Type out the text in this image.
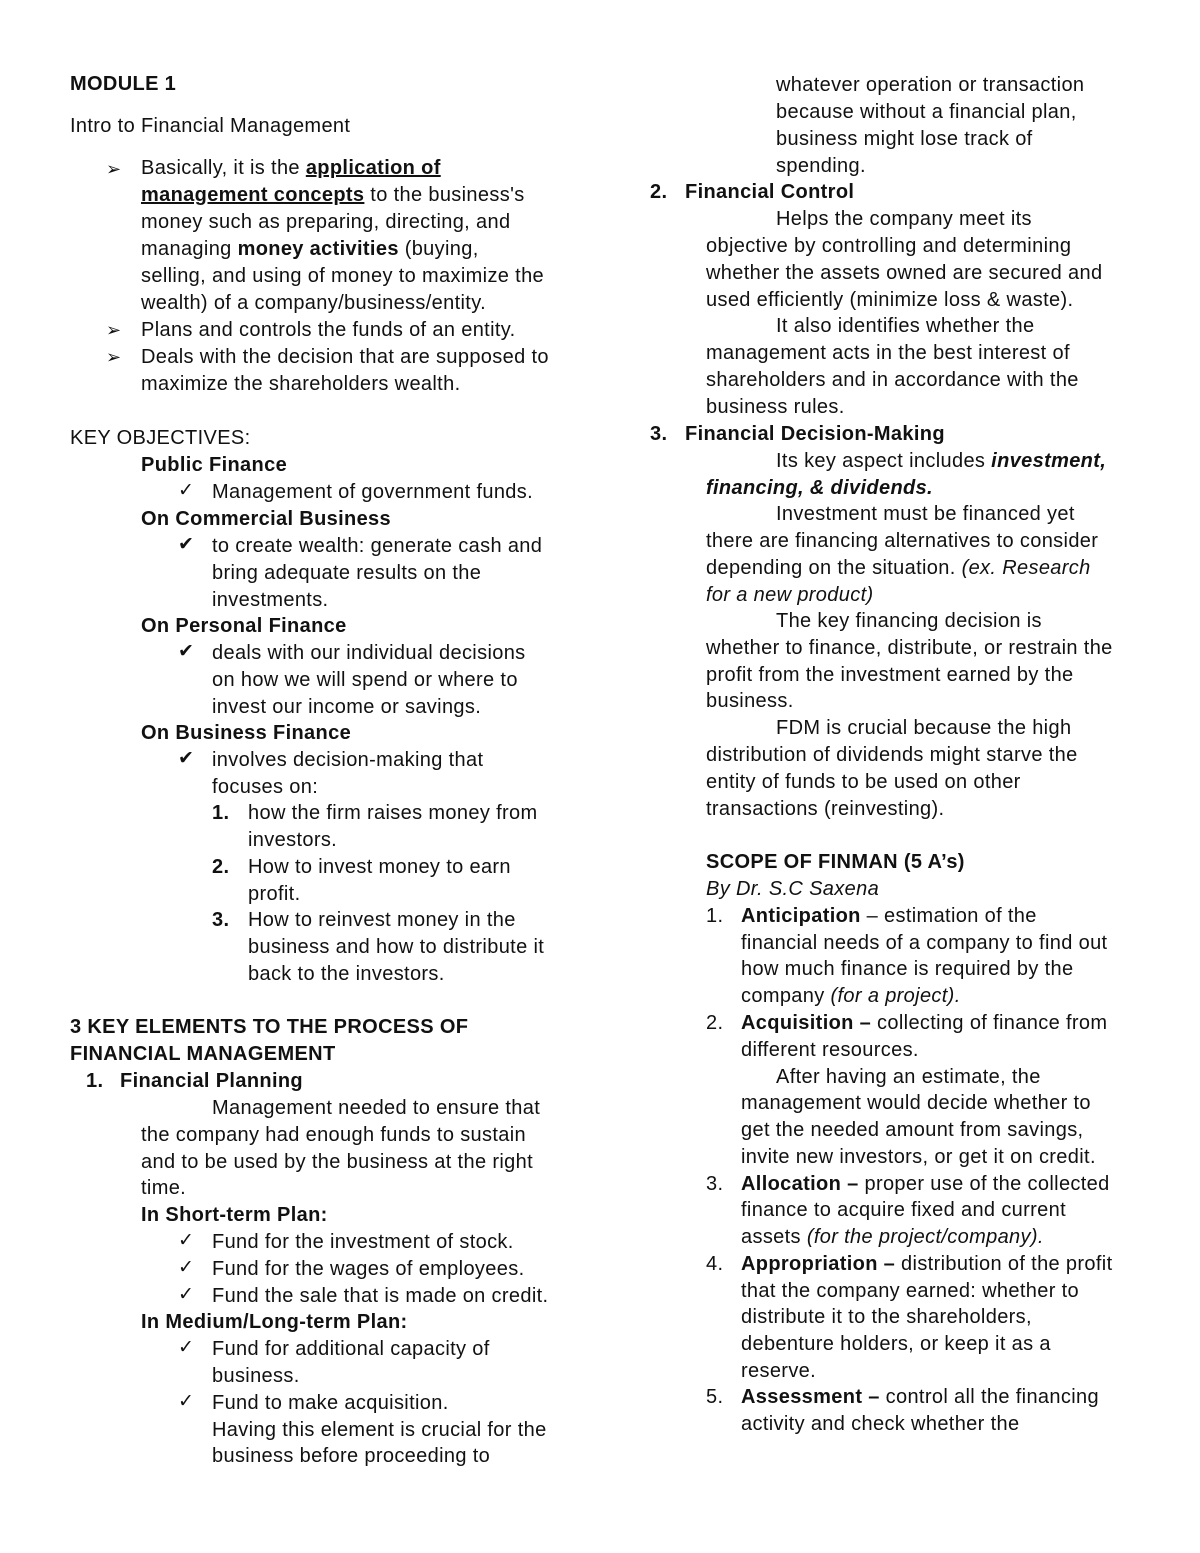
MODULE 1
Intro to Financial Management
➢ Basically, it is the application of
management concepts to the business's
money such as preparing, directing, and
managing money activities (buying,
selling, and using of money to maximize the
wealth) of a company/business/entity.
➢ Plans and controls the funds of an entity.
➢ Deals with the decision that are supposed to
maximize the shareholders wealth.
KEY OBJECTIVES:
Public Finance
✓ Management of government funds.
On Commercial Business
✔ to create wealth: generate cash and
bring adequate results on the
investments.
On Personal Finance
✔ deals with our individual decisions
on how we will spend or where to
invest our income or savings.
On Business Finance
✔ involves decision-making that
focuses on:
1. how the firm raises money from
investors.
2. How to invest money to earn
profit.
3. How to reinvest money in the
business and how to distribute it
back to the investors.
3 KEY ELEMENTS TO THE PROCESS OF
FINANCIAL MANAGEMENT
1. Financial Planning
Management needed to ensure that
the company had enough funds to sustain
and to be used by the business at the right
time.
In Short-term Plan:
✓ Fund for the investment of stock.
✓ Fund for the wages of employees.
✓ Fund the sale that is made on credit.
In Medium/Long-term Plan:
✓ Fund for additional capacity of
business.
✓ Fund to make acquisition.
Having this element is crucial for the
business before proceeding to
whatever operation or transaction
because without a financial plan,
business might lose track of
spending.
2. Financial Control
Helps the company meet its
objective by controlling and determining
whether the assets owned are secured and
used efficiently (minimize loss & waste).
It also identifies whether the
management acts in the best interest of
shareholders and in accordance with the
business rules.
3. Financial Decision-Making
Its key aspect includes investment,
financing, & dividends.
Investment must be financed yet
there are financing alternatives to consider
depending on the situation. (ex. Research
for a new product)
The key financing decision is
whether to finance, distribute, or restrain the
profit from the investment earned by the
business.
FDM is crucial because the high
distribution of dividends might starve the
entity of funds to be used on other
transactions (reinvesting).
SCOPE OF FINMAN (5 A’s)
By Dr. S.C Saxena
1. Anticipation – estimation of the
financial needs of a company to find out
how much finance is required by the
company (for a project).
2. Acquisition – collecting of finance from
different resources.
After having an estimate, the
management would decide whether to
get the needed amount from savings,
invite new investors, or get it on credit.
3. Allocation – proper use of the collected
finance to acquire fixed and current
assets (for the project/company).
4. Appropriation – distribution of the profit
that the company earned: whether to
distribute it to the shareholders,
debenture holders, or keep it as a
reserve.
5. Assessment – control all the financing
activity and check whether the
